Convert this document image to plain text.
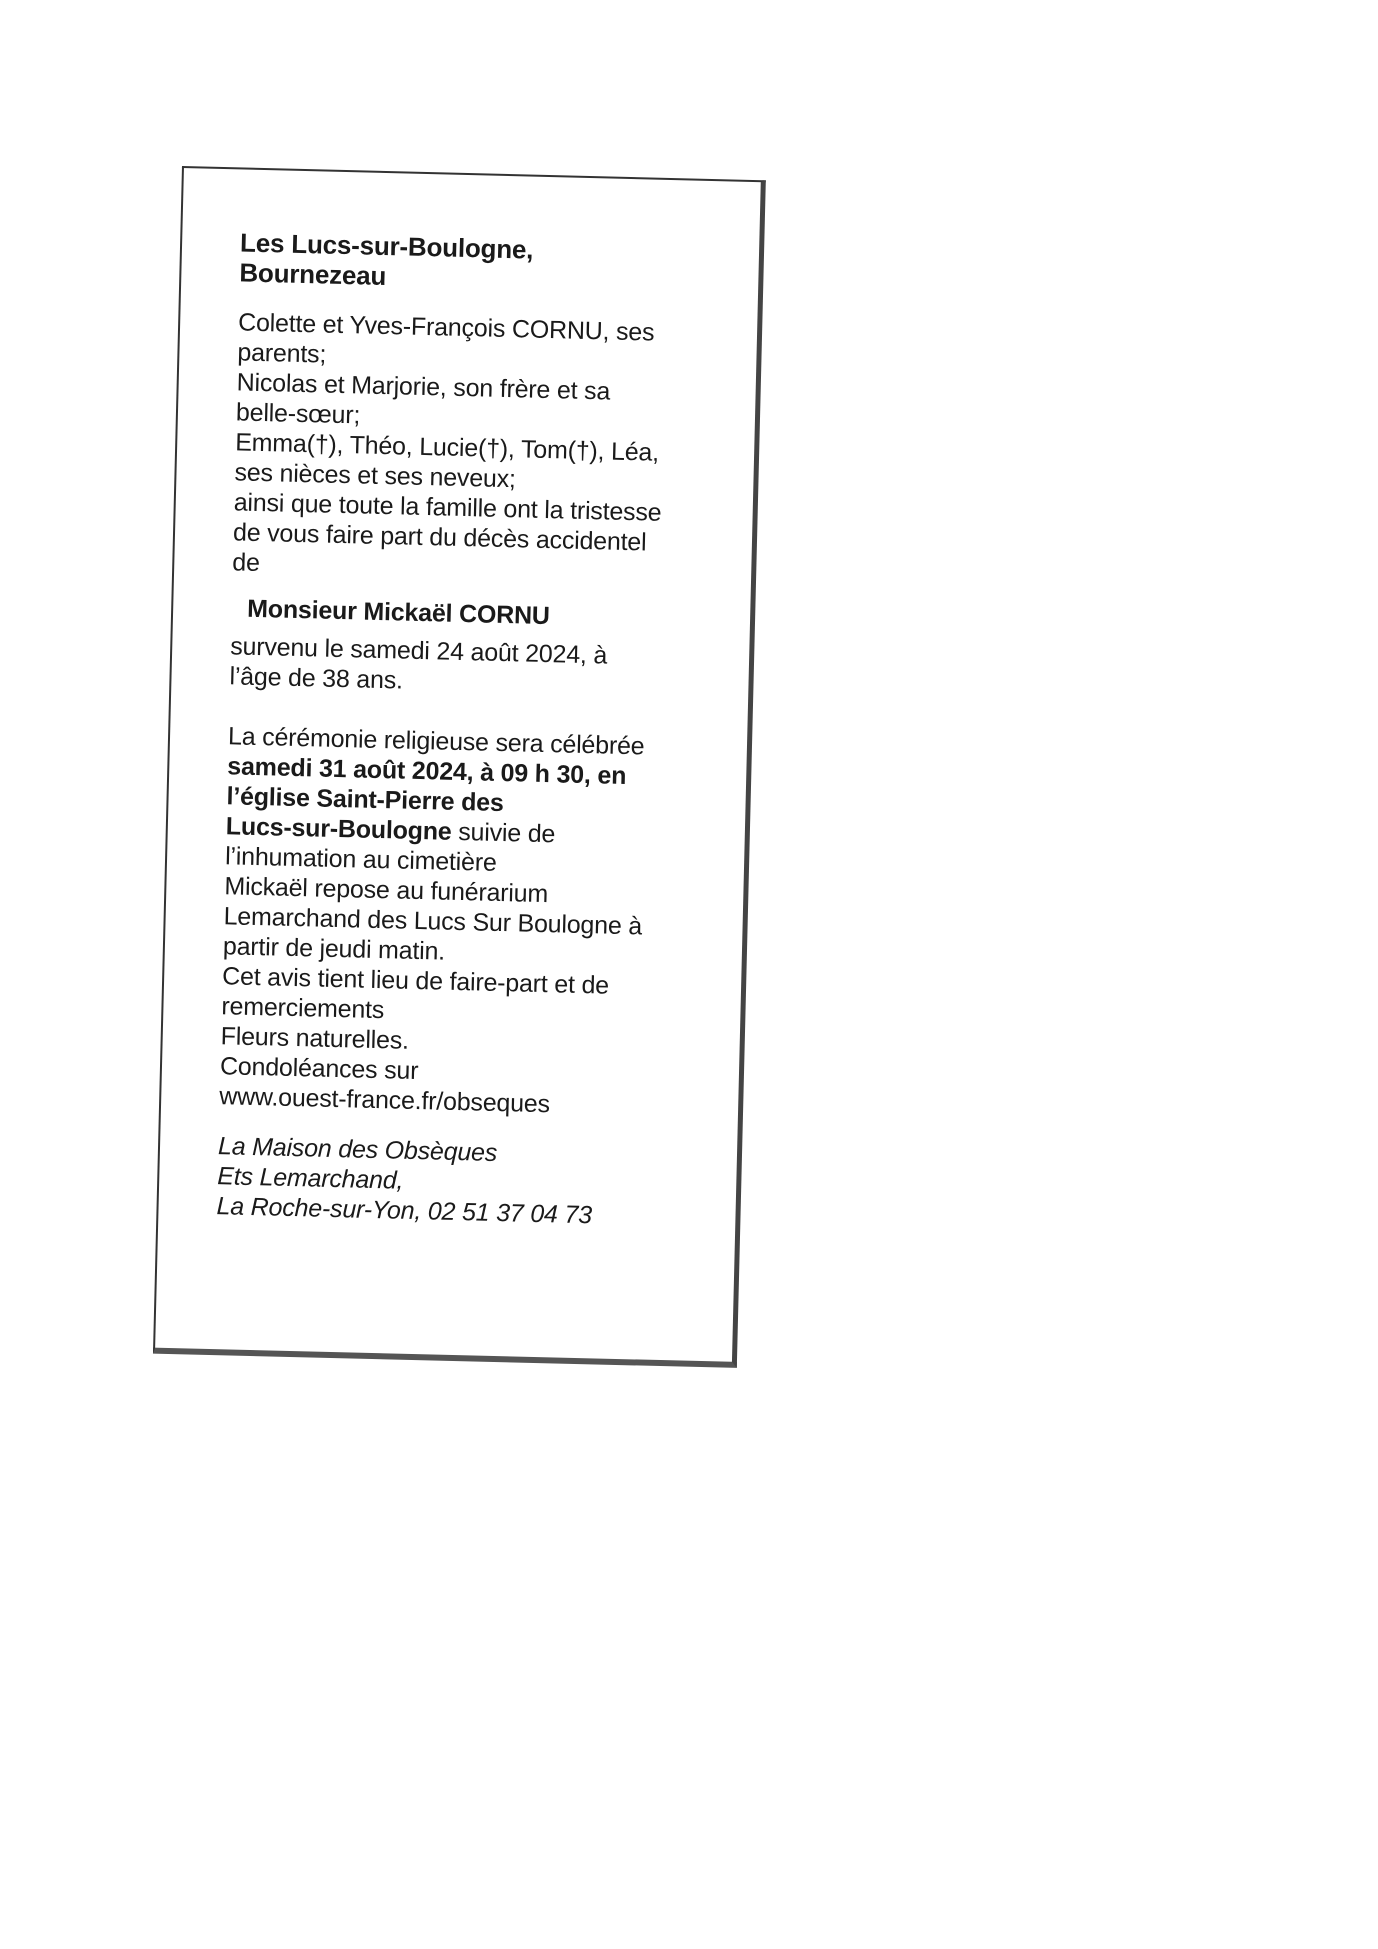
Les Lucs-sur-Boulogne,
Bournezeau
Colette et Yves-François CORNU, ses
parents;
Nicolas et Marjorie, son frère et sa
belle-sœur;
Emma(†), Théo, Lucie(†), Tom(†), Léa,
ses nièces et ses neveux;
ainsi que toute la famille ont la tristesse
de vous faire part du décès accidentel
de
Monsieur Mickaël CORNU
survenu le samedi 24 août 2024, à
l’âge de 38 ans.
La cérémonie religieuse sera célébrée
samedi 31 août 2024, à 09 h 30, en
l’église Saint-Pierre des
Lucs-sur-Boulogne suivie de
l’inhumation au cimetière
Mickaël repose au funérarium
Lemarchand des Lucs Sur Boulogne à
partir de jeudi matin.
Cet avis tient lieu de faire-part et de
remerciements
Fleurs naturelles.
Condoléances sur
www.ouest-france.fr/obseques
La Maison des Obsèques
Ets Lemarchand,
La Roche-sur-Yon, 02 51 37 04 73
